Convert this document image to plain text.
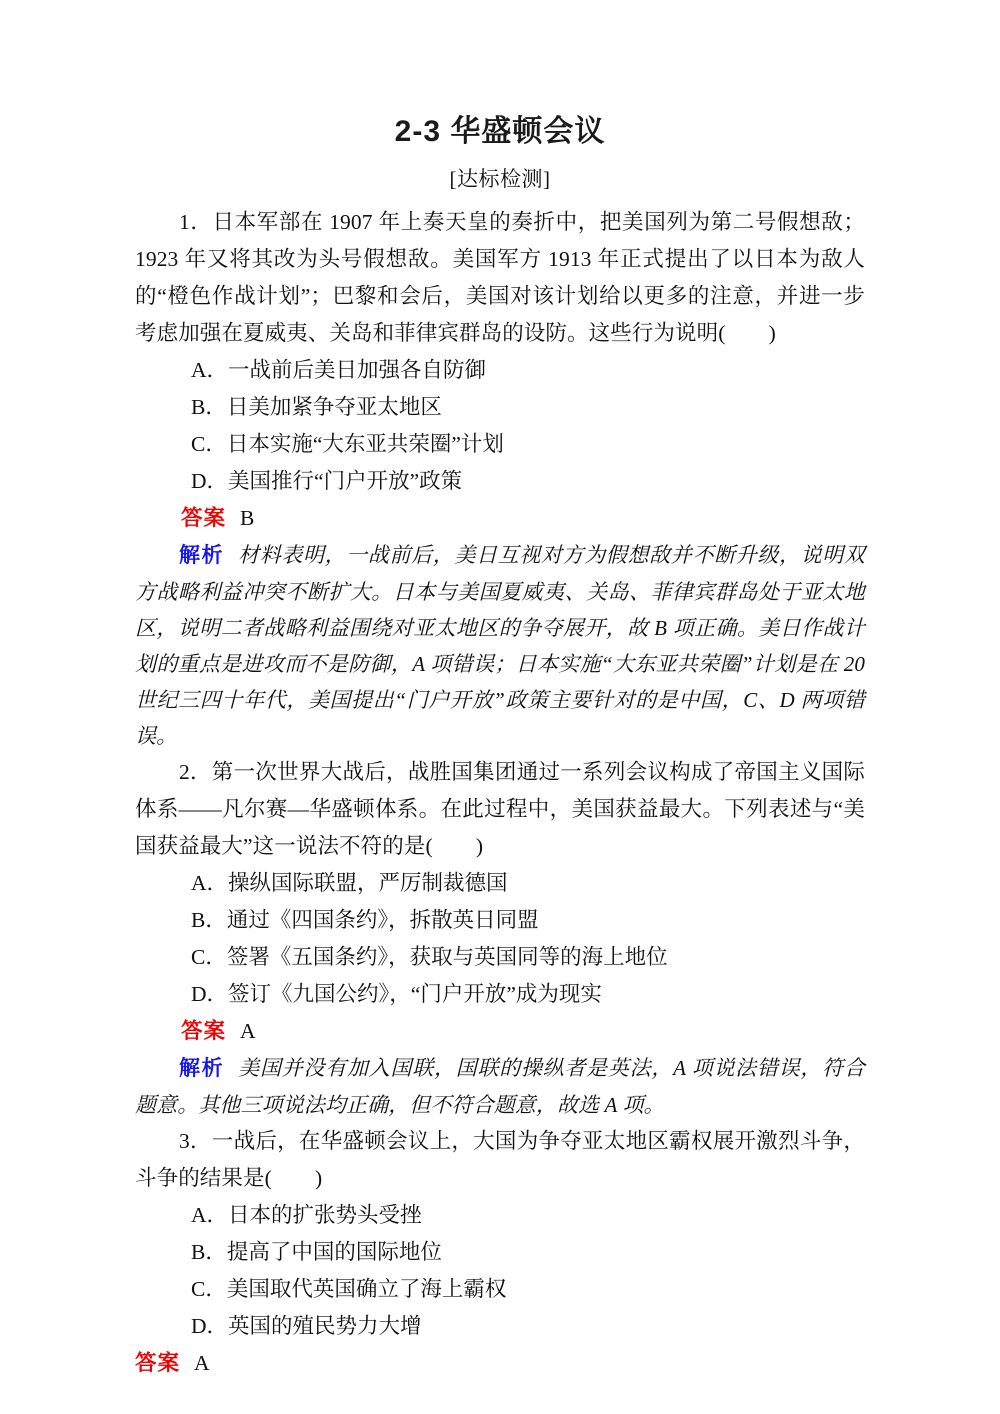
2-3 华盛顿会议
[达标检测]

1．日本军部在 1907 年上奏天皇的奏折中，把美国列为第二号假想敌；1923 年又将其改为头号假想敌。美国军方 1913 年正式提出了以日本为敌人的“橙色作战计划”；巴黎和会后，美国对该计划给以更多的注意，并进一步考虑加强在夏威夷、关岛和菲律宾群岛的设防。这些行为说明(　　)

A．一战前后美日加强各自防御
B．日美加紧争夺亚太地区
C．日本实施“大东亚共荣圈”计划
D．美国推行“门户开放”政策

答案 B

解析 材料表明，一战前后，美日互视对方为假想敌并不断升级，说明双方战略利益冲突不断扩大。日本与美国夏威夷、关岛、菲律宾群岛处于亚太地区，说明二者战略利益围绕对亚太地区的争夺展开，故 B 项正确。美日作战计划的重点是进攻而不是防御，A 项错误；日本实施“大东亚共荣圈”计划是在 20 世纪三四十年代，美国提出“门户开放”政策主要针对的是中国，C、D 两项错误。

2．第一次世界大战后，战胜国集团通过一系列会议构成了帝国主义国际体系——凡尔赛—华盛顿体系。在此过程中，美国获益最大。下列表述与“美国获益最大”这一说法不符的是(　　)

A．操纵国际联盟，严厉制裁德国
B．通过《四国条约》，拆散英日同盟
C．签署《五国条约》，获取与英国同等的海上地位
D．签订《九国公约》，“门户开放”成为现实

答案 A

解析 美国并没有加入国联，国联的操纵者是英法，A 项说法错误，符合题意。其他三项说法均正确，但不符合题意，故选 A 项。

3．一战后，在华盛顿会议上，大国为争夺亚太地区霸权展开激烈斗争，斗争的结果是(　　)

A．日本的扩张势头受挫
B．提高了中国的国际地位
C．美国取代英国确立了海上霸权
D．英国的殖民势力大增

答案 A
